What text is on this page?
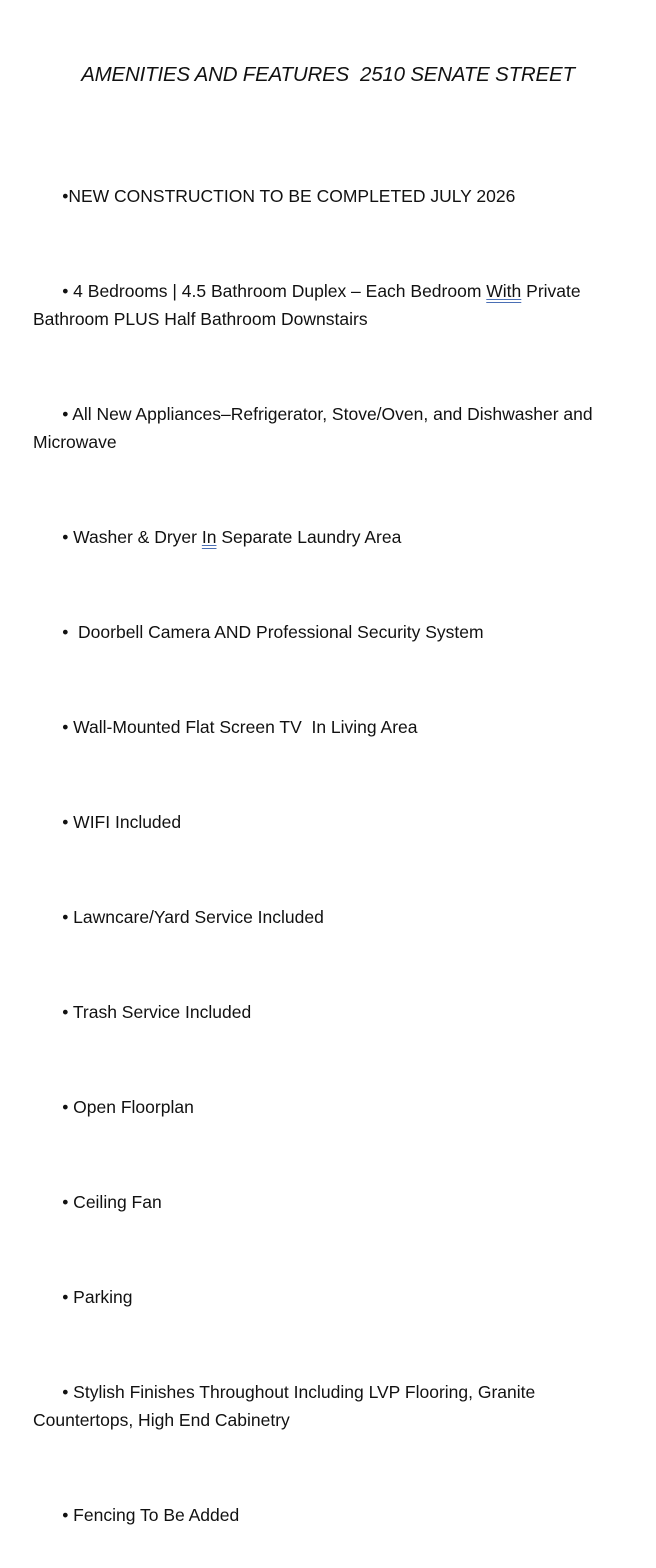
AMENITIES AND FEATURES  2510 SENATE STREET

•NEW CONSTRUCTION TO BE COMPLETED JULY 2026

• 4 Bedrooms | 4.5 Bathroom Duplex – Each Bedroom With Private Bathroom PLUS Half Bathroom Downstairs

• All New Appliances–Refrigerator, Stove/Oven, and Dishwasher and Microwave

• Washer & Dryer In Separate Laundry Area

•  Doorbell Camera AND Professional Security System

• Wall-Mounted Flat Screen TV  In Living Area

• WIFI Included

• Lawncare/Yard Service Included

• Trash Service Included

• Open Floorplan

• Ceiling Fan

• Parking

• Stylish Finishes Throughout Including LVP Flooring, Granite Countertops, High End Cabinetry

• Fencing To Be Added
